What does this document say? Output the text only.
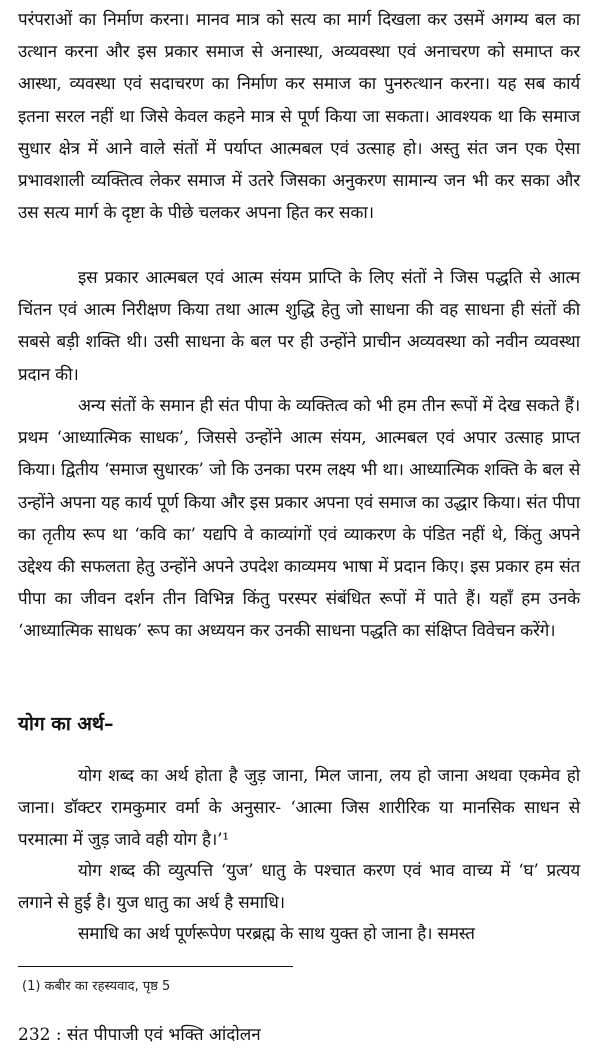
परंपराओं का निर्माण करना। मानव मात्र को सत्य का मार्ग दिखला कर उसमें अगम्य बल का उत्थान करना और इस प्रकार समाज से अनास्था, अव्यवस्था एवं अनाचरण को समाप्त कर आस्था, व्यवस्था एवं सदाचरण का निर्माण कर समाज का पुनरुत्थान करना। यह सब कार्य इतना सरल नहीं था जिसे केवल कहने मात्र से पूर्ण किया जा सकता। आवश्यक था कि समाज सुधार क्षेत्र में आने वाले संतों में पर्याप्त आत्मबल एवं उत्साह हो। अस्तु संत जन एक ऐसा प्रभावशाली व्यक्तित्व लेकर समाज में उतरे जिसका अनुकरण सामान्य जन भी कर सका और उस सत्य मार्ग के दृष्टा के पीछे चलकर अपना हित कर सका।

इस प्रकार आत्मबल एवं आत्म संयम प्राप्ति के लिए संतों ने जिस पद्धति से आत्म चिंतन एवं आत्म निरीक्षण किया तथा आत्म शुद्धि हेतु जो साधना की वह साधना ही संतों की सबसे बड़ी शक्ति थी। उसी साधना के बल पर ही उन्होंने प्राचीन अव्यवस्था को नवीन व्यवस्था प्रदान की।

अन्य संतों के समान ही संत पीपा के व्यक्तित्व को भी हम तीन रूपों में देख सकते हैं। प्रथम ‘आध्यात्मिक साधक’, जिससे उन्होंने आत्म संयम, आत्मबल एवं अपार उत्साह प्राप्त किया। द्वितीय ‘समाज सुधारक’ जो कि उनका परम लक्ष्य भी था। आध्यात्मिक शक्ति के बल से उन्होंने अपना यह कार्य पूर्ण किया और इस प्रकार अपना एवं समाज का उद्धार किया। संत पीपा का तृतीय रूप था ‘कवि का’ यद्यपि वे काव्यांगों एवं व्याकरण के पंडित नहीं थे, किंतु अपने उद्देश्य की सफलता हेतु उन्होंने अपने उपदेश काव्यमय भाषा में प्रदान किए। इस प्रकार हम संत पीपा का जीवन दर्शन तीन विभिन्न किंतु परस्पर संबंधित रूपों में पाते हैं। यहाँ हम उनके ‘आध्यात्मिक साधक’ रूप का अध्ययन कर उनकी साधना पद्धति का संक्षिप्त विवेचन करेंगे।

योग का अर्थ–

योग शब्द का अर्थ होता है जुड़ जाना, मिल जाना, लय हो जाना अथवा एकमेव हो जाना। डॉक्टर रामकुमार वर्मा के अनुसार- ‘आत्मा जिस शारीरिक या मानसिक साधन से परमात्मा में जुड़ जावे वही योग है।’¹

योग शब्द की व्युत्पत्ति ‘युज’ धातु के पश्चात करण एवं भाव वाच्य में ‘घ’ प्रत्यय लगाने से हुई है। युज धातु का अर्थ है समाधि।

समाधि का अर्थ पूर्णरूपेण परब्रह्म के साथ युक्त हो जाना है। समस्त

(1) कबीर का रहस्यवाद, पृष्ठ 5

232 : संत पीपाजी एवं भक्ति आंदोलन
